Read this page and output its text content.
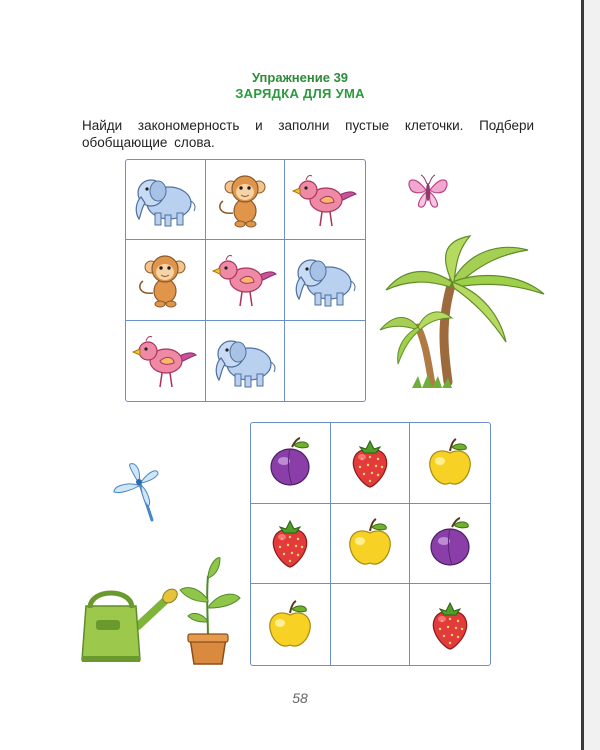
Упражнение 39
ЗАРЯДКА ДЛЯ УМА
Найди закономерность и заполни пустые клеточки. Подбери обобщающие слова.
58
